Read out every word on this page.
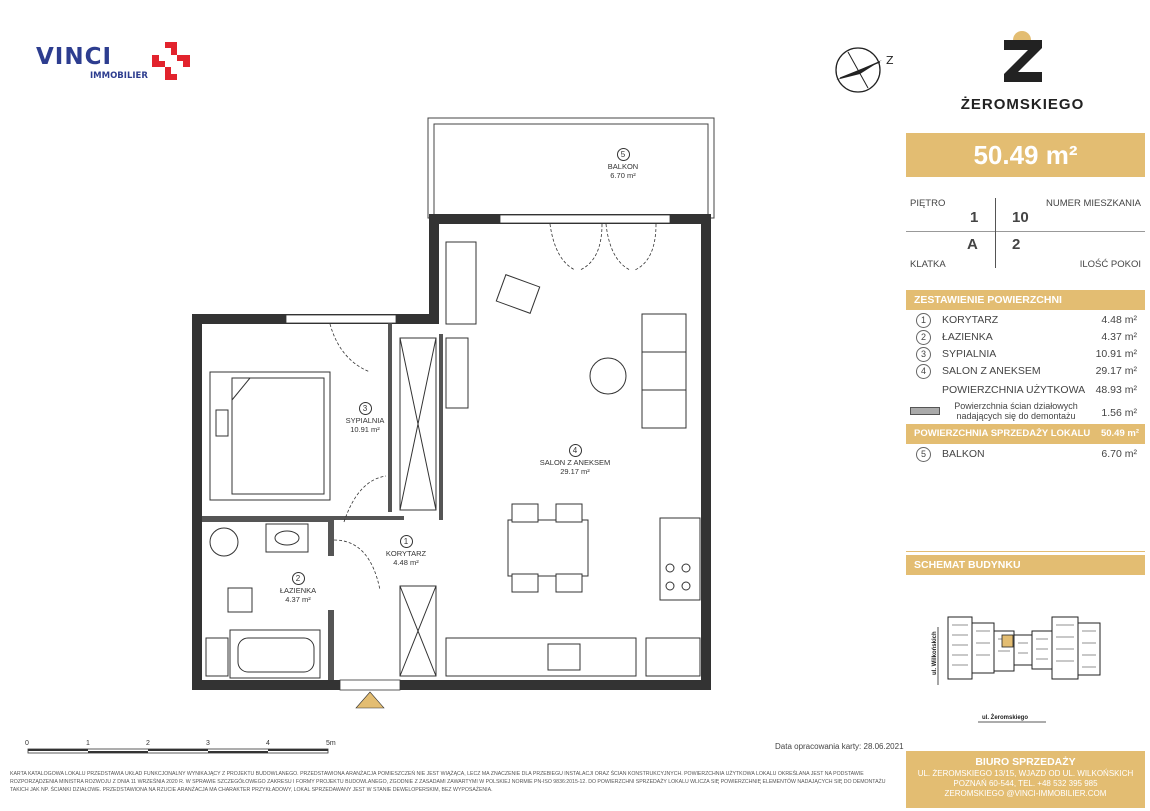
VINCI
IMMOBILIER
Z
ŻEROMSKIEGO
50.49 m²
PIĘTRO
1
NUMER MIESZKANIA
10
A 2
KLATKA	ILOŚĆ POKOI
ZESTAWIENIE POWIERZCHNI
1	KORYTARZ	4.48 m²
2	ŁAZIENKA	4.37 m²
3	SYPIALNIA	10.91 m²
4	SALON Z ANEKSEM	29.17 m²
POWIERZCHNIA UŻYTKOWA 48.93 m²
Powierzchnia ścian działowych nadających się do demontażu	1.56 m²
POWIERZCHNIA SPRZEDAŻY LOKALU 50.49 m²
5	BALKON	6.70 m²
SCHEMAT BUDYNKU
ul. Wilkońskich
ul. Żeromskiego
5
BALKON
6.70 m²
3
SYPIALNIA
10.91 m²
4
SALON Z ANEKSEM
29.17 m²
1
KORYTARZ
4.48 m²
2
ŁAZIENKA
4.37 m²
0	1	2	3	4	5m	Data opracowania karty: 28.06.2021
KARTA KATALOGOWA LOKALU PRZEDSTAWIA UKŁAD FUNKCJONALNY WYNIKAJĄCY Z PROJEKTU BUDOWLANEGO. PRZEDSTAWIONA ARANŻACJA POMIESZCZEŃ NIE JEST WIĄŻĄCA, LECZ MA ZNACZENIE DLA PRZEBIEGU INSTALACJI ORAZ ŚCIAN KONSTRUKCYJNYCH. POWIERZCHNIA UŻYTKOWA LOKALU OKREŚLANA JEST NA PODSTAWIE ROZPORZĄDZENIA MINISTRA ROZWOJU Z DNIA 11 WRZEŚNIA 2020 R. W SPRAWIE SZCZEGÓŁOWEGO ZAKRESU I FORMY PROJEKTU BUDOWLANEGO, ZGODNIE Z ZASADAMI ZAWARTYMI W POLSKIEJ NORMIE PN-ISO 9836:2015-12. DO POWIERZCHNI SPRZEDAŻY LOKALU WLICZA SIĘ POWIERZCHNIĘ ELEMENTÓW NADAJĄCYCH SIĘ DO DEMONTAŻU TAKICH JAK NP. ŚCIANKI DZIAŁOWE. PRZEDSTAWIONA NA RZUCIE ARANŻACJA MA CHARAKTER PRZYKŁADOWY, LOKAL SPRZEDAWANY JEST W STANIE DEWELOPERSKIM, BEZ WYPOSAŻENIA.
BIURO SPRZEDAŻY
UL. ŻEROMSKIEGO 13/15, WJAZD OD UL. WILKOŃSKICH
POZNAŃ 60-544, TEL. +48 532 395 985
ZEROMSKIEGO @VINCI-IMMOBILIER.COM
